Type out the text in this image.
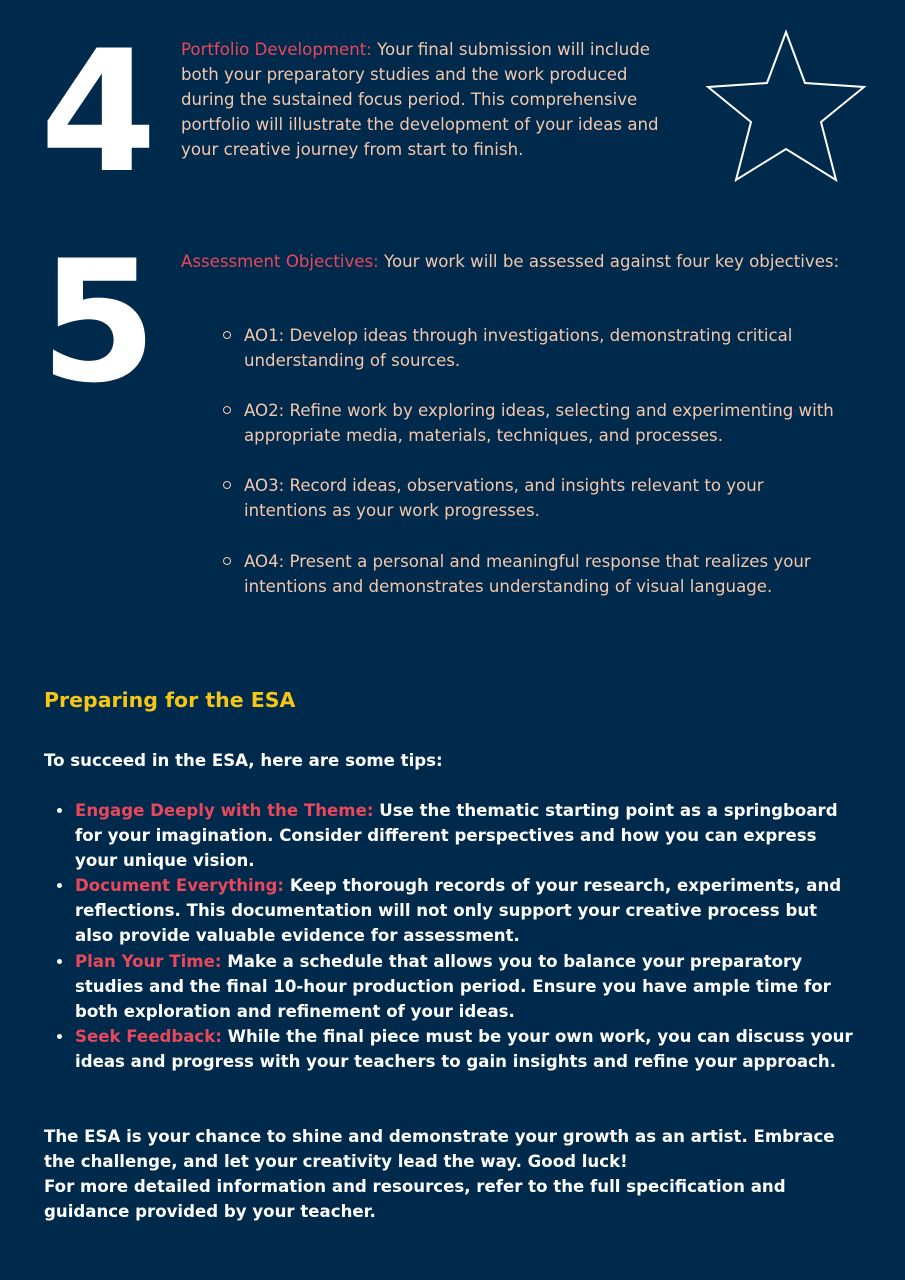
4 Portfolio Development: Your final submission will include both your preparatory studies and the work produced during the sustained focus period. This comprehensive portfolio will illustrate the development of your ideas and your creative journey from start to finish.

5 Assessment Objectives: Your work will be assessed against four key objectives:

AO1: Develop ideas through investigations, demonstrating critical understanding of sources.
AO2: Refine work by exploring ideas, selecting and experimenting with appropriate media, materials, techniques, and processes.
AO3: Record ideas, observations, and insights relevant to your intentions as your work progresses.
AO4: Present a personal and meaningful response that realizes your intentions and demonstrates understanding of visual language.
Preparing for the ESA

To succeed in the ESA, here are some tips:

Engage Deeply with the Theme: Use the thematic starting point as a springboard for your imagination. Consider different perspectives and how you can express your unique vision.
Document Everything: Keep thorough records of your research, experiments, and reflections. This documentation will not only support your creative process but also provide valuable evidence for assessment.
Plan Your Time: Make a schedule that allows you to balance your preparatory studies and the final 10-hour production period. Ensure you have ample time for both exploration and refinement of your ideas.
Seek Feedback: While the final piece must be your own work, you can discuss your ideas and progress with your teachers to gain insights and refine your approach.
The ESA is your chance to shine and demonstrate your growth as an artist. Embrace the challenge, and let your creativity lead the way. Good luck!
For more detailed information and resources, refer to the full specification and guidance provided by your teacher.
